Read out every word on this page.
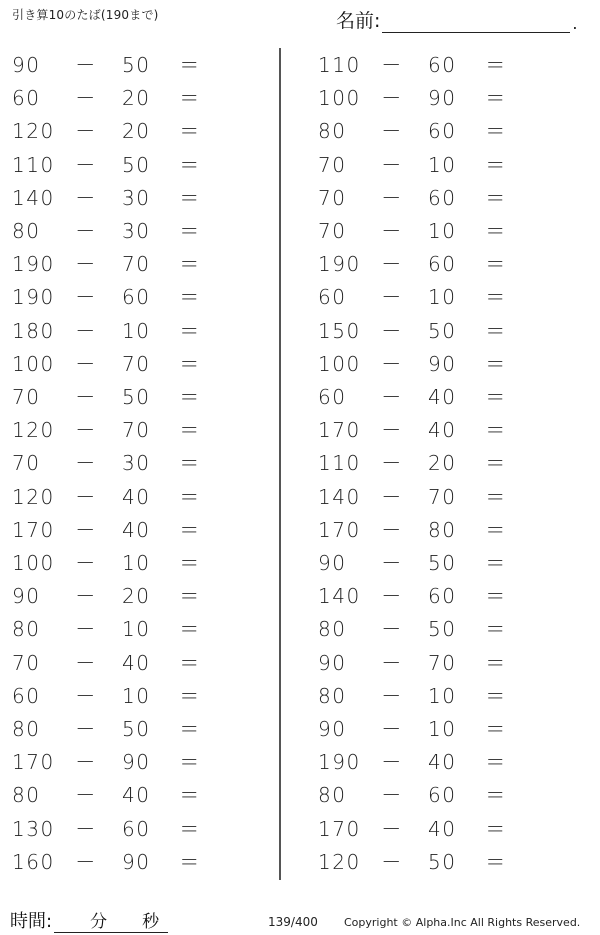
引き算10のたば(190まで)	名前:	.
90	－ 50	＝
60	－ 20	＝
120	－ 20	＝
110	－ 50	＝
140	－ 30	＝
80	－ 30	＝
190	－ 70	＝
190	－ 60	＝
180	－ 10	＝
100	－ 70	＝
70	－ 50	＝
120	－ 70	＝
70	－ 30	＝
120	－ 40	＝
170	－ 40	＝
100	－ 10	＝
90	－ 20	＝
80	－ 10	＝
70	－ 40	＝
60	－ 10	＝
80	－ 50	＝
170	－ 90	＝
80	－ 40	＝
130	－ 60	＝
160	－ 90	＝
110	－ 60	＝
100	－ 90	＝
80	－ 60	＝
70	－ 10	＝
70	－ 60	＝
70	－ 10	＝
190	－ 60	＝
60	－ 10	＝
150	－ 50	＝
100	－ 90	＝
60	－ 40	＝
170	－ 40	＝
110	－ 20	＝
140	－ 70	＝
170	－ 80	＝
90	－ 50	＝
140	－ 60	＝
80	－ 50	＝
90	－ 70	＝
80	－ 10	＝
90	－ 10	＝
190	－ 40	＝
80	－ 60	＝
170	－ 40	＝
120	－ 50	＝
時間: 分 秒	139/400 Copyright © Alpha.Inc All Rights Reserved.
